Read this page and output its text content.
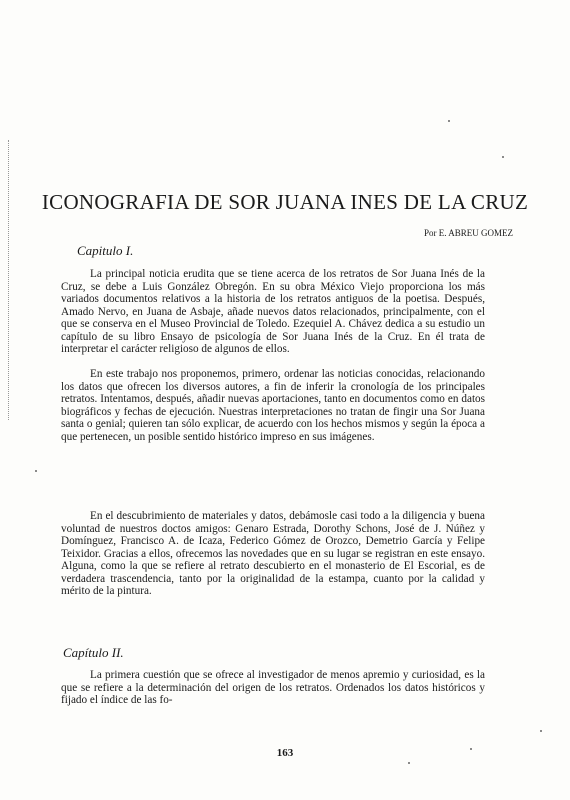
ICONOGRAFIA DE SOR JUANA INES DE LA CRUZ
Por E. ABREU GOMEZ
Capitulo I.

La principal noticia erudita que se tiene acerca de los retratos de Sor Juana Inés de la Cruz, se debe a Luis González Obregón. En su obra México Viejo proporciona los más variados documentos relativos a la historia de los retratos antiguos de la poetisa. Después, Amado Nervo, en Juana de Asbaje, añade nuevos datos relacionados, principalmente, con el que se conserva en el Museo Provincial de Toledo. Ezequiel A. Chávez dedica a su estudio un capítulo de su libro Ensayo de psicología de Sor Juana Inés de la Cruz. En él trata de interpretar el carácter religioso de algunos de ellos.

En este trabajo nos proponemos, primero, ordenar las noticias conocidas, relacionando los datos que ofrecen los diversos autores, a fin de inferir la cronología de los principales retratos. Intentamos, después, añadir nuevas aportaciones, tanto en documentos como en datos biográficos y fechas de ejecución. Nuestras interpretaciones no tratan de fingir una Sor Juana santa o genial; quieren tan sólo explicar, de acuerdo con los hechos mismos y según la época a que pertenecen, un posible sentido histórico impreso en sus imágenes.

En el descubrimiento de materiales y datos, debámosle casi todo a la diligencia y buena voluntad de nuestros doctos amigos: Genaro Estrada, Dorothy Schons, José de J. Núñez y Domínguez, Francisco A. de Icaza, Federico Gómez de Orozco, Demetrio García y Felipe Teixidor. Gracias a ellos, ofrecemos las novedades que en su lugar se registran en este ensayo. Alguna, como la que se refiere al retrato descubierto en el monasterio de El Escorial, es de verdadera trascendencia, tanto por la originalidad de la estampa, cuanto por la calidad y mérito de la pintura.

Capítulo II.

La primera cuestión que se ofrece al investigador de menos apremio y curiosidad, es la que se refiere a la determinación del origen de los retratos. Ordenados los datos históricos y fijado el índice de las fo-

163
